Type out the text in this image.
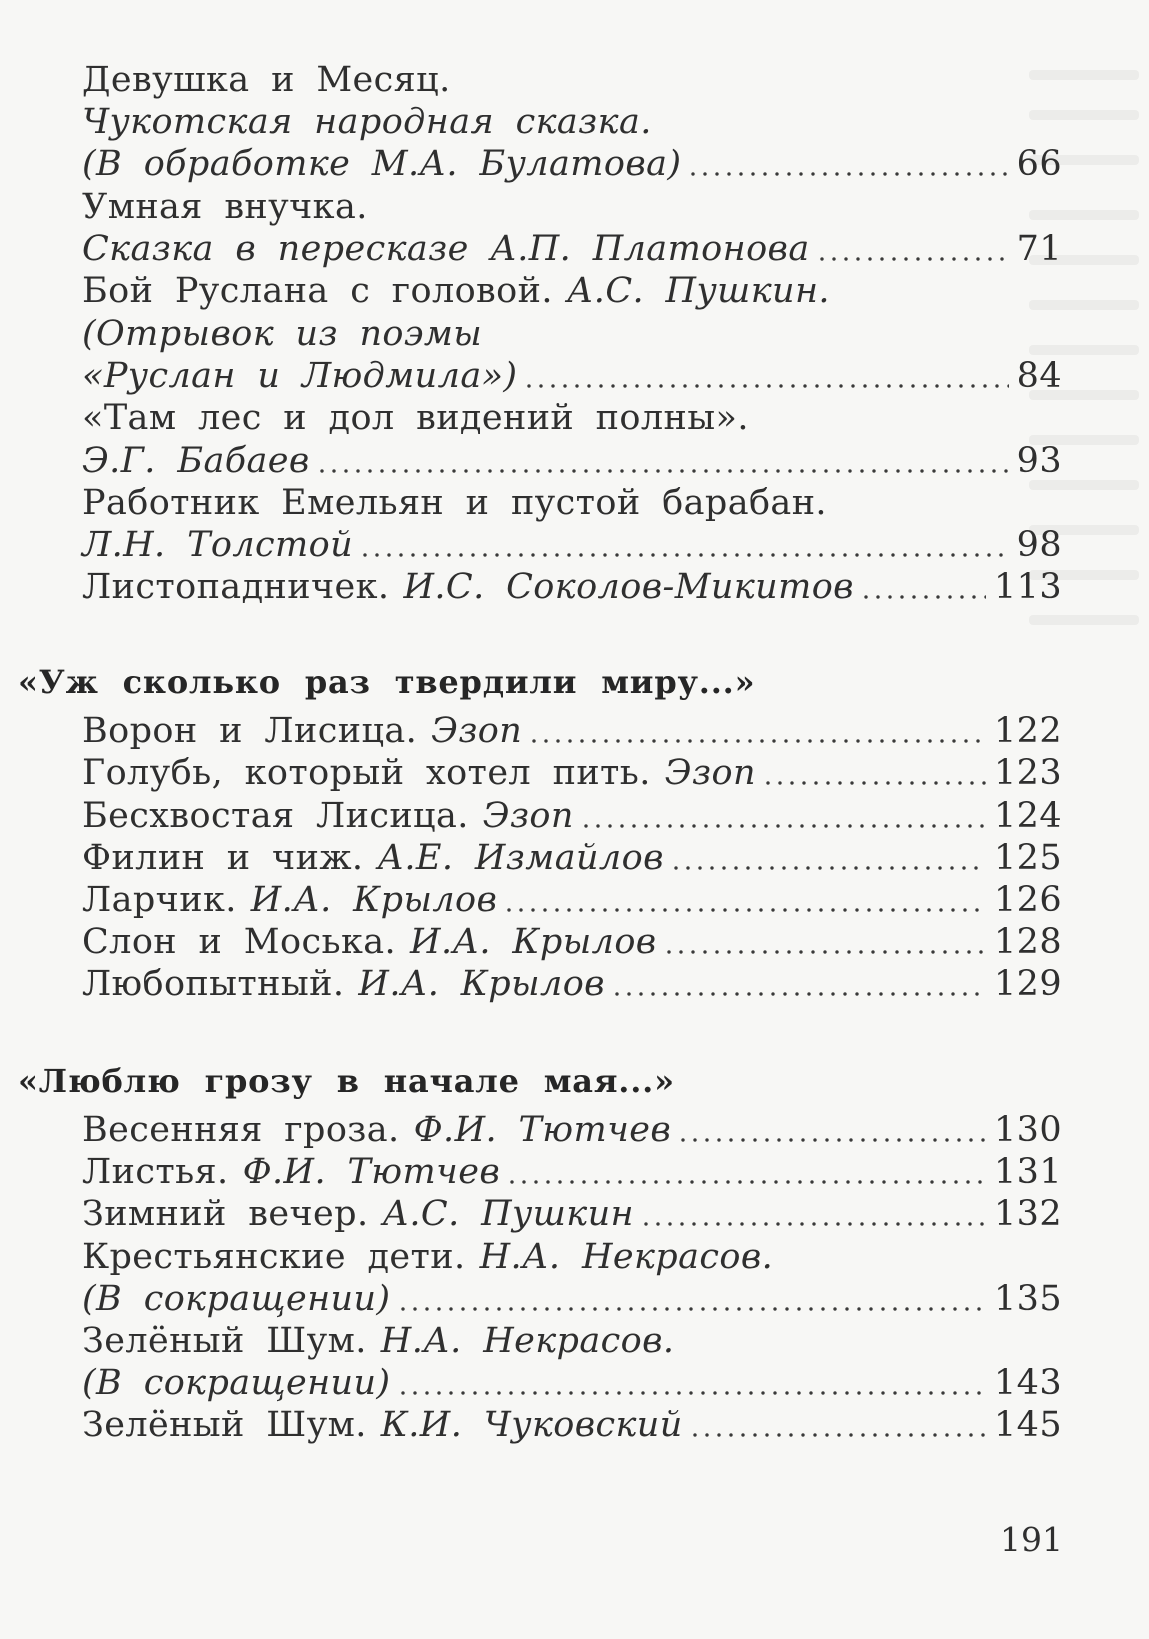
Девушка и Месяц.
Чукотская народная сказка.
(В обработке М.А. Булатова)	66
Умная внучка.
Сказка в пересказе А.П. Платонова	71
Бой Руслана с головой. А.С. Пушкин.
(Отрывок из поэмы
«Руслан и Людмила»)	84
«Там лес и дол видений полны».
Э.Г. Бабаев	93
Работник Емельян и пустой барабан.
Л.Н. Толстой	98
Листопадничек. И.С. Соколов-Микитов	113
«Уж сколько раз твердили миру...»
Ворон и Лисица. Эзоп	122
Голубь, который хотел пить. Эзоп	123
Бесхвостая Лисица. Эзоп	124
Филин и чиж. А.Е. Измайлов	125
Ларчик. И.А. Крылов	126
Слон и Моська. И.А. Крылов	128
Любопытный. И.А. Крылов	129
«Люблю грозу в начале мая...»
Весенняя гроза. Ф.И. Тютчев	130
Листья. Ф.И. Тютчев	131
Зимний вечер. А.С. Пушкин	132
Крестьянские дети. Н.А. Некрасов.
(В сокращении)	135
Зелёный Шум. Н.А. Некрасов.
(В сокращении)	143
Зелёный Шум. К.И. Чуковский	145
191
